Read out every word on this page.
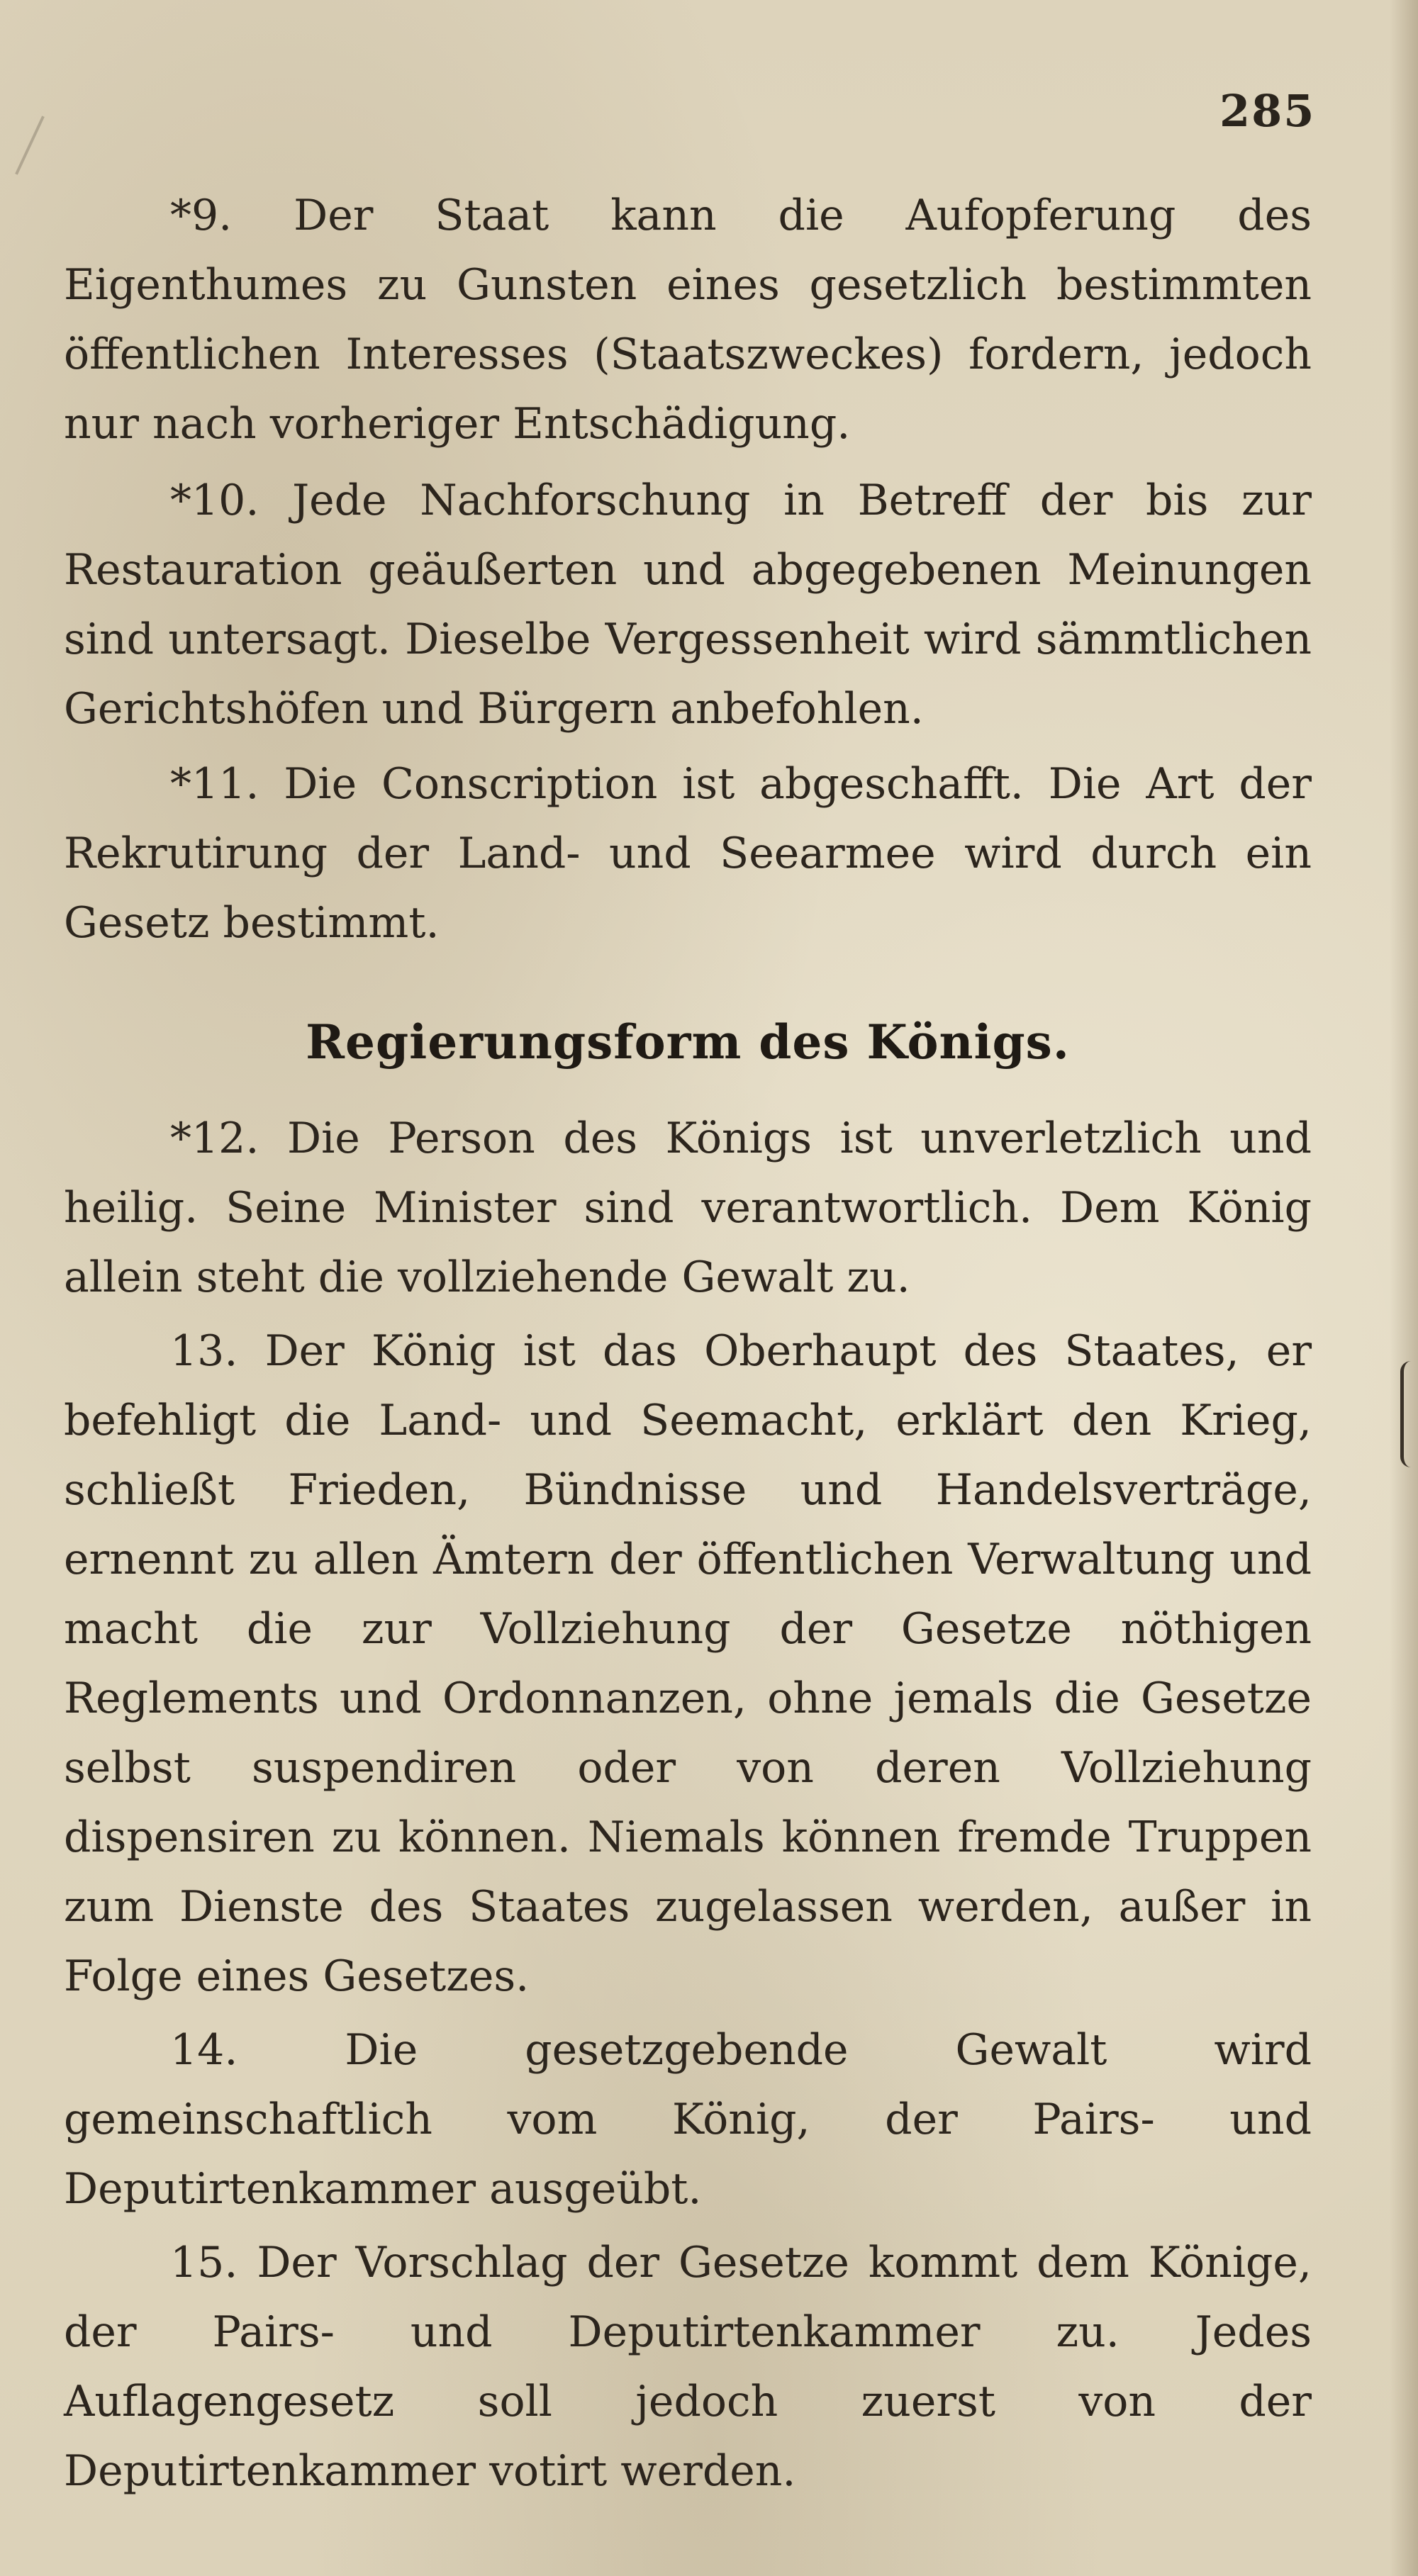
285

*9. Der Staat kann die Aufopferung des Eigenthumes zu Gunsten eines gesetzlich bestimmten öffentlichen Interesses (Staatszweckes) fordern, jedoch nur nach vorheriger Entschädigung.

*10. Jede Nachforschung in Betreff der bis zur Restauration geäußerten und abgegebenen Meinungen sind untersagt. Dieselbe Vergessenheit wird sämmtlichen Gerichtshöfen und Bürgern anbefohlen.

*11. Die Conscription ist abgeschafft. Die Art der Rekrutirung der Land- und Seearmee wird durch ein Gesetz bestimmt.

Regierungsform des Königs.

*12. Die Person des Königs ist unverletzlich und heilig. Seine Minister sind verantwortlich. Dem König allein steht die vollziehende Gewalt zu.

13. Der König ist das Oberhaupt des Staates, er befehligt die Land- und Seemacht, erklärt den Krieg, schließt Frieden, Bündnisse und Handelsverträge, ernennt zu allen Ämtern der öffentlichen Verwaltung und macht die zur Vollziehung der Gesetze nöthigen Reglements und Ordonnanzen, ohne jemals die Gesetze selbst suspendiren oder von deren Vollziehung dispensiren zu können. Niemals können fremde Truppen zum Dienste des Staates zugelassen werden, außer in Folge eines Gesetzes.

14. Die gesetzgebende Gewalt wird gemeinschaftlich vom König, der Pairs- und Deputirtenkammer ausgeübt.

15. Der Vorschlag der Gesetze kommt dem Könige, der Pairs- und Deputirtenkammer zu. Jedes Auflagengesetz soll jedoch zuerst von der Deputirtenkammer votirt werden.
